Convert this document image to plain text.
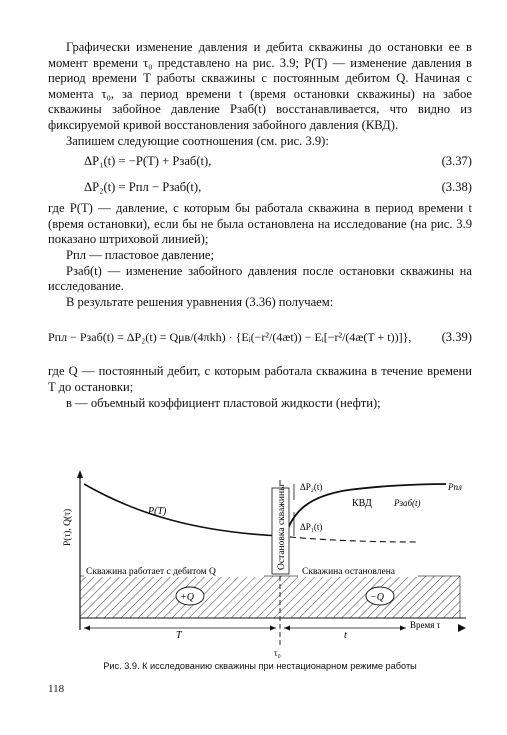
Графически изменение давления и дебита скважины до остановки ее в момент времени τ₀ представлено на рис. 3.9; P(T) — изменение давления в период времени T работы скважины с постоянным дебитом Q. Начиная с момента τ₀, за период времени t (время остановки скважины) на забое скважины забойное давление Pзаб(t) восстанавливается, что видно из фиксируемой кривой восстановления забойного давления (КВД).

Запишем следующие соотношения (см. рис. 3.9):

ΔP₁(t) = −P(T) + Pзаб(t),	(3.37)
ΔP₂(t) = Pпл − Pзаб(t),	(3.38)

где P(T) — давление, с которым бы работала скважина в период времени t (время остановки), если бы не была остановлена на исследование (на рис. 3.9 показано штриховой линией);

Pпл — пластовое давление;

Pзаб(t) — изменение забойного давления после остановки скважины на исследование.

В результате решения уравнения (3.36) получаем:

Pпл − Pзаб(t) = ΔP₂(t) = Qμв/(4πkh) · {Eᵢ(−r²/(4æt)) − Eᵢ[−r²/(4æ(T + t))]}, (3.39)

где Q — постоянный дебит, с которым работала скважина в течение времени T до остановки;

в — объемный коэффициент пластовой жидкости (нефти);

Остановка скважины
P(τ), Q(τ)	P(T)
ΔP₂(t)
ΔP₁(t)
КВД Pзаб(t)
Pпл
Скважина работает с дебитом Q	Скважина остановлена
+Q	−Q
T	t
Время τ
τ₀
Рис. 3.9. К исследованию скважины при нестационарном режиме работы
118
